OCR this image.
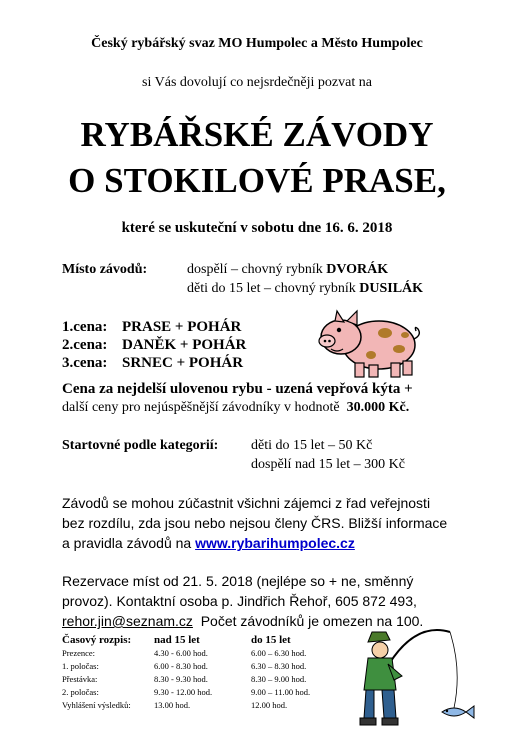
Český rybářský svaz MO Humpolec a Město Humpolec

si Vás dovolují co nejsrdečněji pozvat na

RYBÁŘSKÉ ZÁVODY

O STOKILOVÉ PRASE,

které se uskuteční v sobotu dne 16. 6. 2018

Místo závodů:	dospělí – chovný rybník DVORÁK
děti do 15 let – chovný rybník DUSILÁK
1.cena: PRASE + POHÁR
2.cena: DANĚK + POHÁR
3.cena: SRNEC + POHÁR
Cena za nejdelší ulovenou rybu - uzená vepřová kýta +
další ceny pro nejúspěšnější závodníky v hodnotě 30.000 Kč.
Startovné podle kategorií: děti do 15 let – 50 Kč
dospělí nad 15 let – 300 Kč
Závodů se mohou zúčastnit všichni zájemci z řad veřejnosti
bez rozdílu, zda jsou nebo nejsou členy ČRS. Bližší informace
a pravidla závodů na www.rybarihumpolec.cz
Rezervace míst od 21. 5. 2018 (nejlépe so + ne, směnný
provoz). Kontaktní osoba p. Jindřich Řehoř, 605 872 493,
rehor.jin@seznam.cz Počet závodníků je omezen na 100.
Časový rozpis: nad 15 let	do 15 let
Prezence:	4.30 - 6.00 hod.	6.00 – 6.30 hod.
1. poločas:	6.00 - 8.30 hod.	6.30 – 8.30 hod.
Přestávka:	8.30 - 9.30 hod.	8.30 – 9.00 hod.
2. poločas:	9.30 - 12.00 hod.	9.00 – 11.00 hod.
Vyhlášení výsledků:	13.00 hod.	12.00 hod.
